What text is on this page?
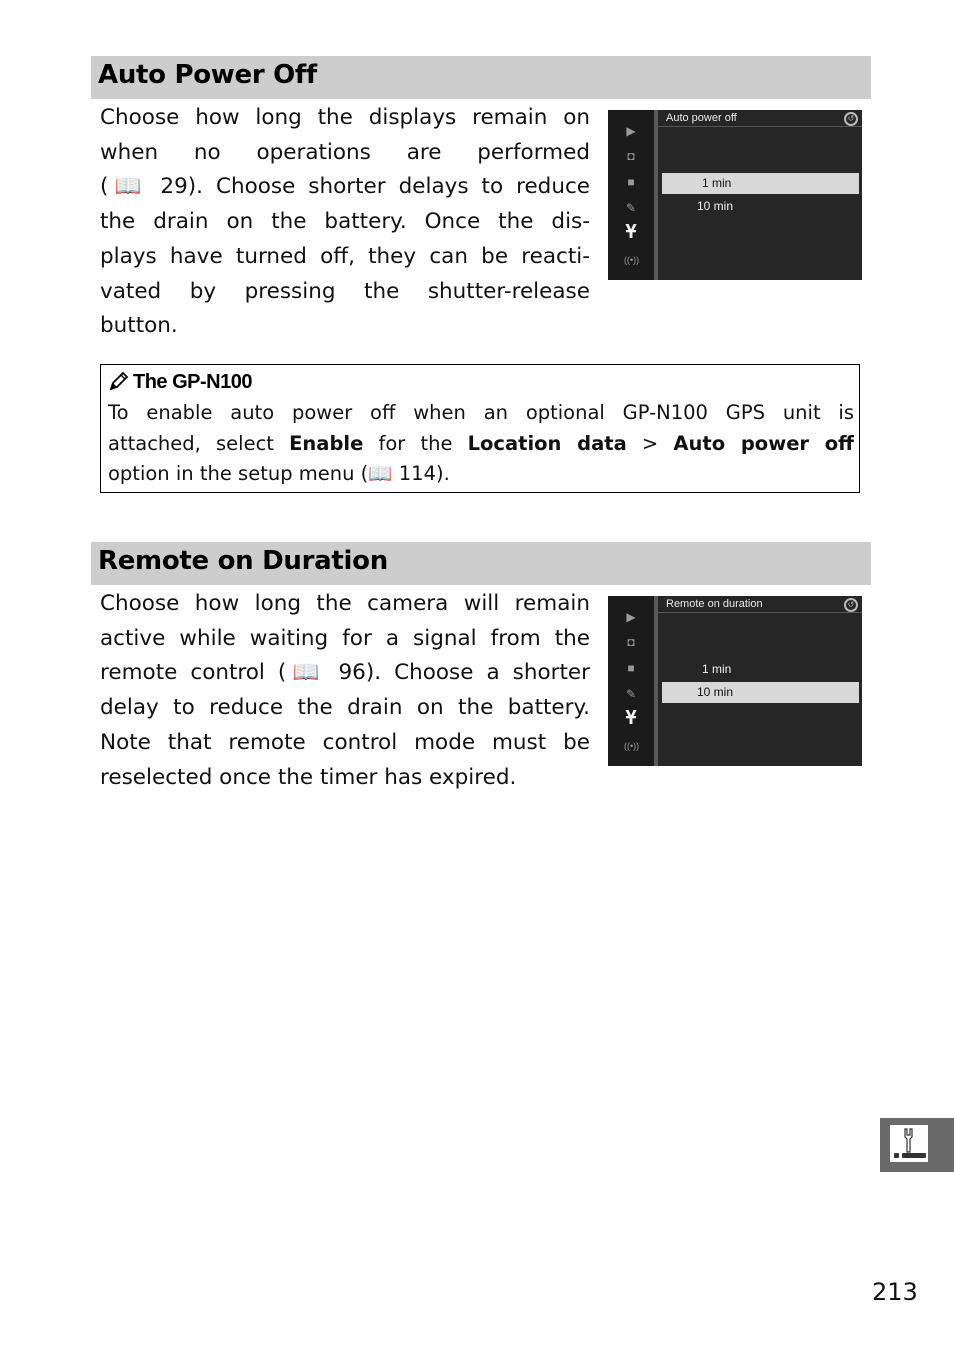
Auto Power Off

Choose how long the displays remain on
when no operations are performed
(📖 29). Choose shorter delays to reduce
the drain on the battery. Once the dis-
plays have turned off, they can be reacti-
vated by pressing the shutter-release
button.

▶
◘
■
✎
Ұ
((•))
Auto power off	↺
1 min
10 min
The GP-N100
To enable auto power off when an optional GP-N100 GPS unit is
attached, select Enable for the Location data > Auto power off
option in the setup menu (📖 114).
Remote on Duration

Choose how long the camera will remain
active while waiting for a signal from the
remote control (📖 96). Choose a shorter
delay to reduce the drain on the battery.
Note that remote control mode must be
reselected once the timer has expired.

▶
◘
■
✎
Ұ
((•))
Remote on duration	↺
1 min
10 min
213
